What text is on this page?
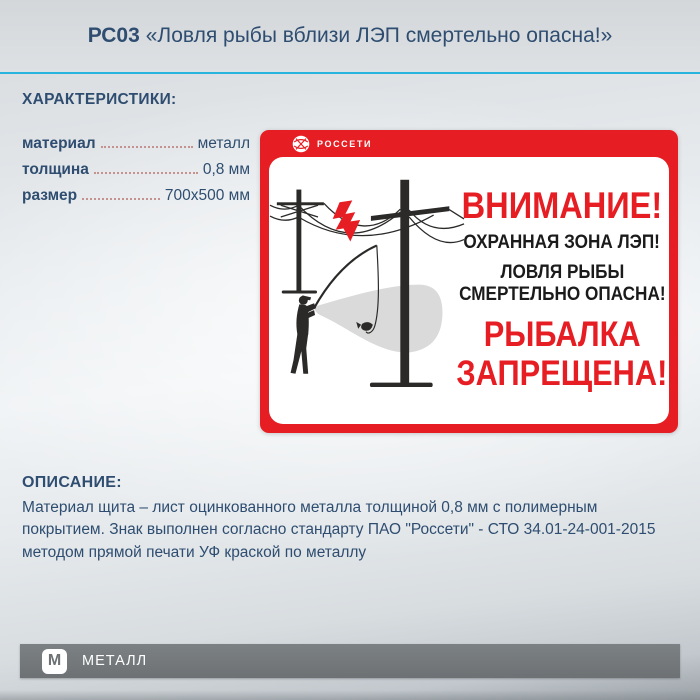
РС03 «Ловля рыбы вблизи ЛЭП смертельно опасна!»
ХАРАКТЕРИСТИКИ:
материал	металл
толщина	0,8 мм
размер	700х500 мм
РОССЕТИ
ВНИМАНИЕ!
ОХРАННАЯ ЗОНА ЛЭП!
ЛОВЛЯ РЫБЫ
СМЕРТЕЛЬНО ОПАСНА!
РЫБАЛКА
ЗАПРЕЩЕНА!
ОПИСАНИЕ:
Материал щита – лист оцинкованного металла толщиной 0,8 мм с полимерным покрытием. Знак выполнен согласно стандарту ПАО "Россети" - СТО 34.01-24-001-2015 методом прямой печати УФ краской по металлу
М	МЕТАЛЛ
